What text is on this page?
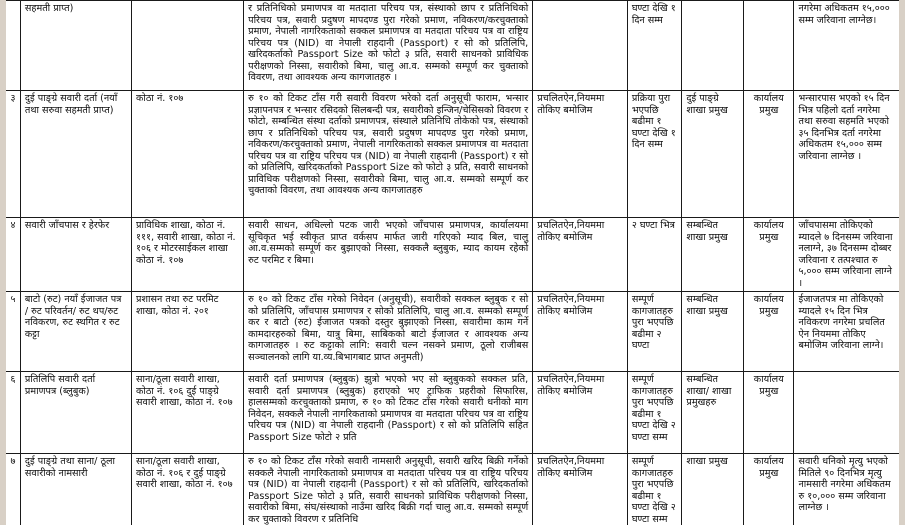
	सहमती प्राप्त)		र प्रतिनिधिको प्रमाणपत्र वा मतदाता परिचय पत्र, संस्थाको छाप र प्रतिनिधिको परिचय पत्र, सवारी प्रदुषण मापदण्ड पुरा गरेको प्रमाण, नविकरण/करचुक्ताको प्रमाण, नेपाली नागरिकताको सक्कल प्रमाणपत्र वा मतदाता परिचय पत्र वा राष्ट्रिय परिचय पत्र (NID) वा नेपाली राहदानी (Passport) र सो को प्रतिलिपि, खरिदकर्ताको Passport Size को फोटो ३ प्रति, सवारी साधनको प्राविधिक परीक्षणको निस्सा, सवारीको बिमा, चालु आ.व. सम्मको सम्पूर्ण कर चुक्ताको विवरण, तथा आवश्यक अन्य कागजातहरु ।		घण्टा देखि १ दिन सम्म			नगरेमा अधिकतम १५,००० सम्म जरिवाना लाग्नेछ।
३	दुई पाङ्ग्रे सवारी दर्ता (नयाँ तथा सरुवा सहमती प्राप्त)	कोठा नं. १०७	रु १० को टिकट टाँस गरी सवारी विवरण भरेको दर्ता अनुसूची फाराम, भन्सार प्रज्ञापनपत्र र भन्सार रसिदको सिलबन्दी पत्र, सवारीको इन्जिन/चेसिसको विवरण र फोटो, सम्बन्धित संस्था दर्ताको प्रमाणपत्र, संस्थाले प्रतिनिधि तोकेको पत्र, संस्थाको छाप र प्रतिनिधिको परिचय पत्र, सवारी प्रदुषण मापदण्ड पुरा गरेको प्रमाण, नविकरण/करचुक्ताको प्रमाण, नेपाली नागरिकताको सक्कल प्रमाणपत्र वा मतदाता परिचय पत्र वा राष्ट्रिय परिचय पत्र (NID) वा नेपाली राहदानी (Passport) र सो को प्रतिलिपि, खरिदकर्ताको Passport Size को फोटो ३ प्रति, सवारी साधनको प्राविधिक परीक्षणको निस्सा, सवारीको बिमा, चालु आ.व. सम्मको सम्पूर्ण कर चुक्ताको विवरण, तथा आवश्यक अन्य कागजातहरु	प्रचलितऐन,नियममा तोकिए बमोजिम	प्रक्रिया पुरा भएपछि बढीमा १ घण्टा देखि १ दिन सम्म	दुई पाङ्ग्रे शाखा प्रमुख	कार्यालय प्रमुख	भन्सारपास भएको १५ दिन भित्र पहिलो दर्ता नगरेमा तथा सरुवा सहमति भएको ३५ दिनभित्र दर्ता नगरेमा अधिकतम १५,००० सम्म जरिवाना लाग्नेछ ।
४	सवारी जाँचपास र हेरफेर	प्राविधिक शाखा, कोठा नं. १११, सवारी शाखा, कोठा नं. १०६ र मोटरसाईकल शाखा कोठा नं. १०७	सवारी साधन, अधिल्लो पटक जारी भएको जाँचपास प्रमाणपत्र, कार्यालयमा सूचिकृत भई स्वीकृत प्राप्त वर्कसप मार्फत जारी गरिएको म्याद बिल, चालु आ.व.सम्मको सम्पूर्ण कर बुझाएको निस्सा, सक्कलै ब्लुबुक, म्याद कायम रहेको रुट परमिट र बिमा।	प्रचलितऐन,नियममा तोकिए बमोजिम	२ घण्टा भित्र	सम्बन्धित शाखा प्रमुख	कार्यालय प्रमुख	जाँचपासमा तोकिएको म्यादले ७ दिनसम्म जरिवाना नलाग्ने, ३७ दिनसम्म दोब्बर जरिवाना र तत्पश्चात रु ५,००० सम्म जरिवाना लाग्ने ।
५	बाटो (रुट) नयाँ ईजाजत पत्र / रुट परिवर्तन/ रुट थप/रुट नविकरण, रुट स्थगित र रुट कट्टा	प्रशासन तथा रुट परमिट शाखा, कोठा नं. २०१	रु १० को टिकट टाँस गरेको निवेदन (अनुसूची), सवारीको सक्कल ब्लुबुक र सो को प्रतिलिपि, जाँचपास प्रमाणपत्र र सोको प्रतिलिपि, चालु आ.व. सम्मको सम्पूर्ण कर र बाटो (रुट) ईजाजत पत्रको दस्तुर बुझाएको निस्सा, सवारीमा काम गर्ने कामदारहरुको बिमा, यात्रु बिमा, साबिकको बाटो ईजाजत र आवश्यक अन्य कागजातहरु । रुट कट्टाको लागि: सवारी चल्न नसक्ने प्रमाण, ठूलो राजीबस सञ्चालनको लागि या.व्य.बिभागबाट प्राप्त अनुमती)	प्रचलितऐन,नियममा तोकिए बमोजिम	सम्पूर्ण कागजातहरु पुरा भएपछि बढीमा २ घण्टा	सम्बन्धित शाखा प्रमुख	कार्यालय प्रमुख	ईजाजतपत्र मा तोकिएको म्यादले १५ दिन भित्र नविकरण नगरेमा प्रचलित ऐन नियममा तोकिए बमोजिम जरिवाना लाग्ने।
६	प्रतिलिपि सवारी दर्ता प्रमाणपत्र (ब्लुबुक)	साना/ठूला सवारी शाखा, कोठा नं. १०६ दुई पाङ्ग्रे सवारी शाखा, कोठा नं. १०७	सवारी दर्ता प्रमाणपत्र (ब्लुबुक) झुत्रो भएको भए सो ब्लुबुकको सक्कल प्रति, सवारी दर्ता प्रमाणपत्र (ब्लुबुक) हराएको भए ट्राफिक प्रहरीको सिफारिस, हालसम्मको करचुक्ताको प्रमाण, रु १० को टिकट टाँस गरेको सवारी धनीको माग निवेदन, सक्कलै नेपाली नागरिकताको प्रमाणपत्र वा मतदाता परिचय पत्र वा राष्ट्रिय परिचय पत्र (NID) वा नेपाली राहदानी (Passport) र सो को प्रतिलिपि सहित Passport Size फोटो २ प्रति	प्रचलितऐन,नियममा तोकिए बमोजिम	सम्पूर्ण कागजातहरु पुरा भएपछि बढीमा १ घण्टा देखि २ घण्टा सम्म	सम्बन्धित शाखा/ शाखा प्रमुखहरु	कार्यालय प्रमुख	
७	दुई पाङ्ग्रे तथा साना/ ठूला सवारीको नामसारी	साना/ठूला सवारी शाखा, कोठा नं. १०६ र दुई पाङ्ग्रे सवारी शाखा, कोठा नं. १०७	रु १० को टिकट टाँस गरेको सवारी नामसारी अनुसूची, सवारी खरिद बिक्री गर्नेको सक्कलै नेपाली नागरिकताको प्रमाणपत्र वा मतदाता परिचय पत्र वा राष्ट्रिय परिचय पत्र (NID) वा नेपाली राहदानी (Passport) र सो को प्रतिलिपि, खरिदकर्ताको Passport Size फोटो ३ प्रति, सवारी साधनको प्राविधिक परीक्षणको निस्सा, सवारीको बिमा, संघ/संस्थाको नाउँमा खरिद बिक्री गर्दा चालु आ.व. सम्मको सम्पूर्ण कर चुक्ताको विवरण र प्रतिनिधि	प्रचलितऐन,नियममा तोकिए बमोजिम	सम्पूर्ण कागजातहरु पुरा भएपछि बढीमा १ घण्टा देखि २ घण्टा सम्म	शाखा प्रमुख	कार्यालय प्रमुख	सवारी धनिको मृत्यु भएको मितिले ९० दिनभित्र मृत्यु नामसारी नगरेमा अधिकतम रु १०,००० सम्म जरिवाना लाग्नेछ ।
